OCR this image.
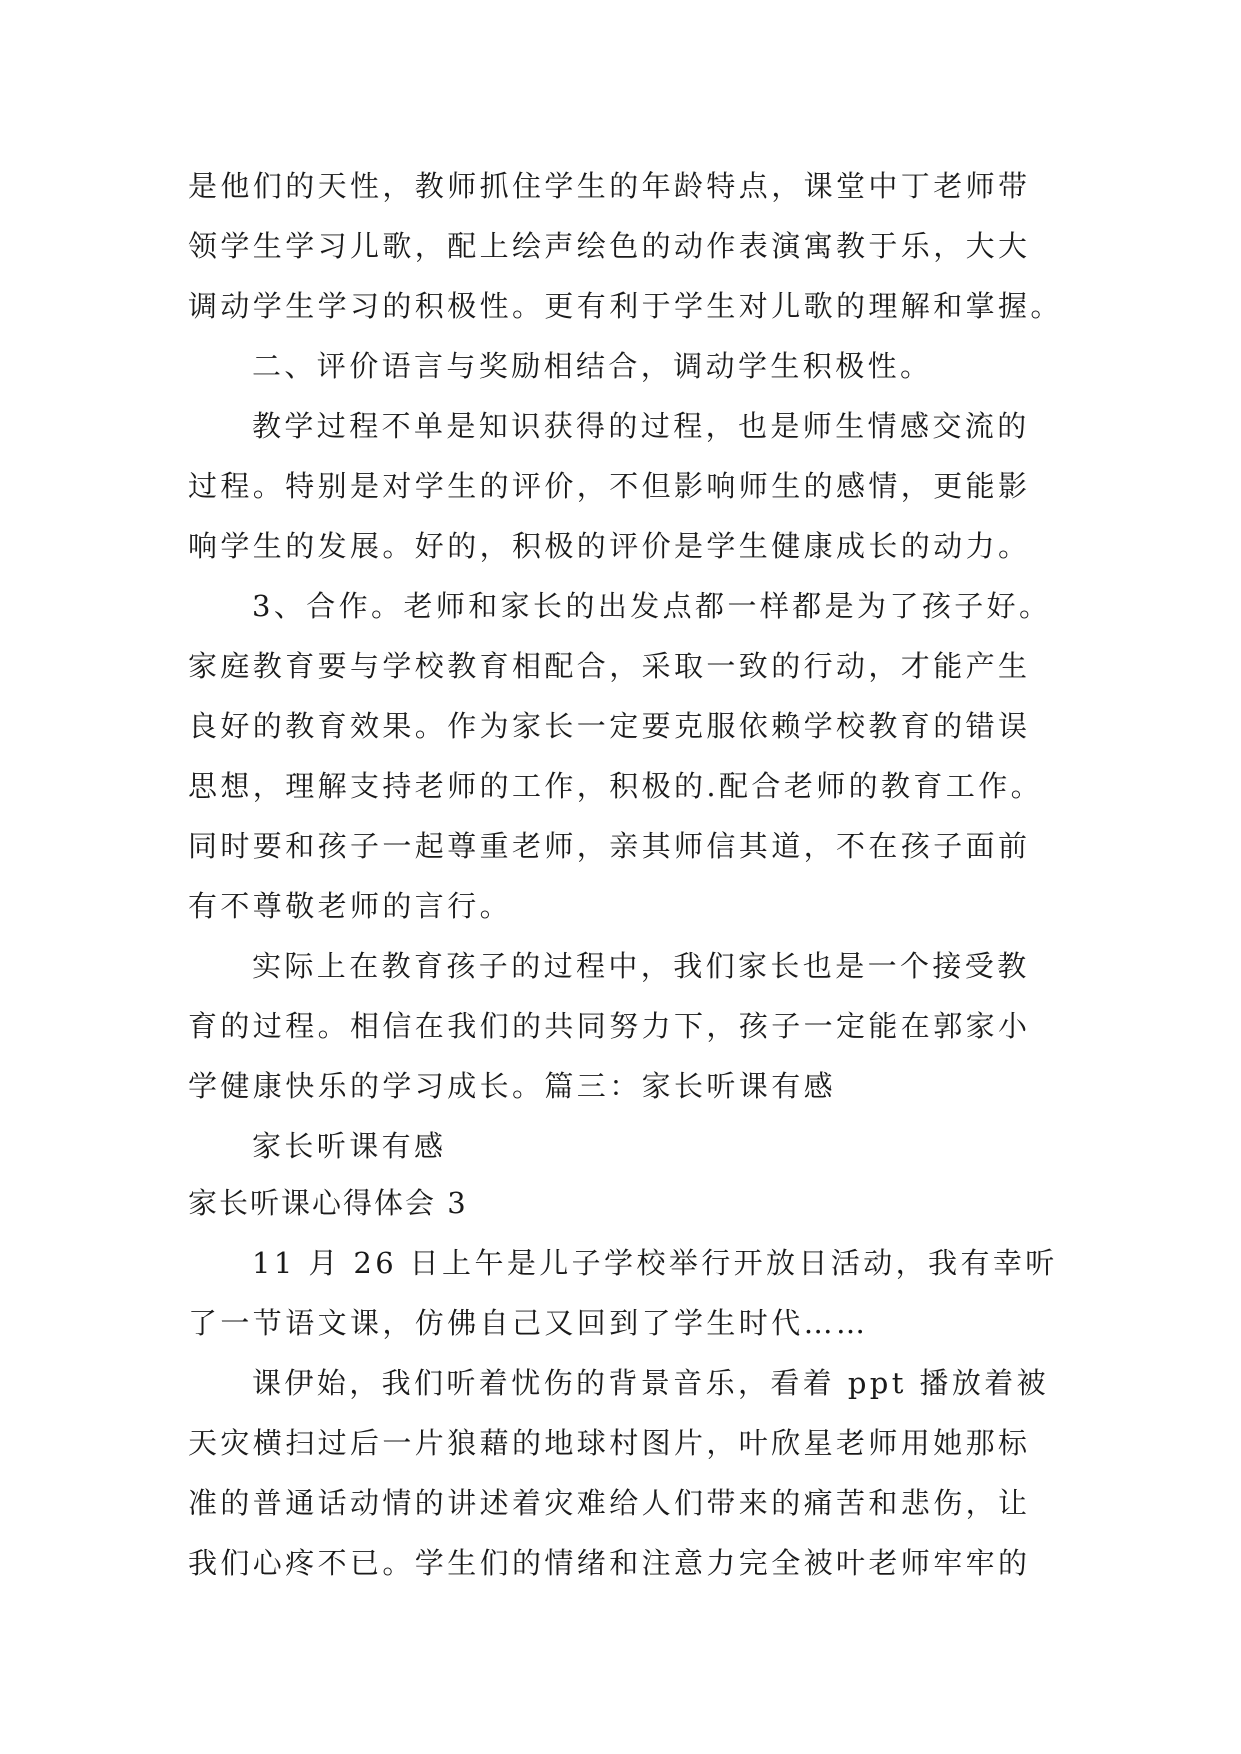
是他们的天性，教师抓住学生的年龄特点，课堂中丁老师带
领学生学习儿歌，配上绘声绘色的动作表演寓教于乐，大大
调动学生学习的积极性。更有利于学生对儿歌的理解和掌握。
二、评价语言与奖励相结合，调动学生积极性。
教学过程不单是知识获得的过程，也是师生情感交流的
过程。特别是对学生的评价，不但影响师生的感情，更能影
响学生的发展。好的，积极的评价是学生健康成长的动力。
3、合作。老师和家长的出发点都一样都是为了孩子好。
家庭教育要与学校教育相配合，采取一致的行动，才能产生
良好的教育效果。作为家长一定要克服依赖学校教育的错误
思想，理解支持老师的工作，积极的.配合老师的教育工作。
同时要和孩子一起尊重老师，亲其师信其道，不在孩子面前
有不尊敬老师的言行。
实际上在教育孩子的过程中，我们家长也是一个接受教
育的过程。相信在我们的共同努力下，孩子一定能在郭家小
学健康快乐的学习成长。篇三：家长听课有感
家长听课有感
家长听课心得体会 3
11 月 26 日上午是儿子学校举行开放日活动，我有幸听
了一节语文课，仿佛自己又回到了学生时代……
课伊始，我们听着忧伤的背景音乐，看着 ppt 播放着被
天灾横扫过后一片狼藉的地球村图片，叶欣星老师用她那标
准的普通话动情的讲述着灾难给人们带来的痛苦和悲伤，让
我们心疼不已。学生们的情绪和注意力完全被叶老师牢牢的
